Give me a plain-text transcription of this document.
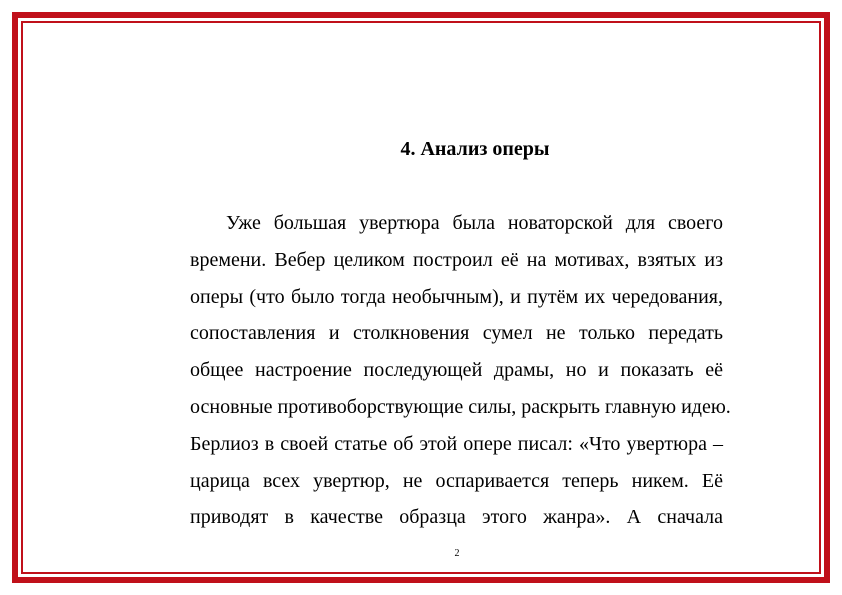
4. Анализ оперы
Уже большая увертюра была новаторской для своего
времени. Вебер целиком построил её на мотивах, взятых из
оперы (что было тогда необычным), и путём их чередования,
сопоставления и столкновения сумел не только передать
общее настроение последующей драмы, но и показать её
основные противоборствующие силы, раскрыть главную идею.
Берлиоз в своей статье об этой опере писал: «Что увертюра –
царица всех увертюр, не оспаривается теперь никем. Её
приводят в качестве образца этого жанра». А сначала
2
